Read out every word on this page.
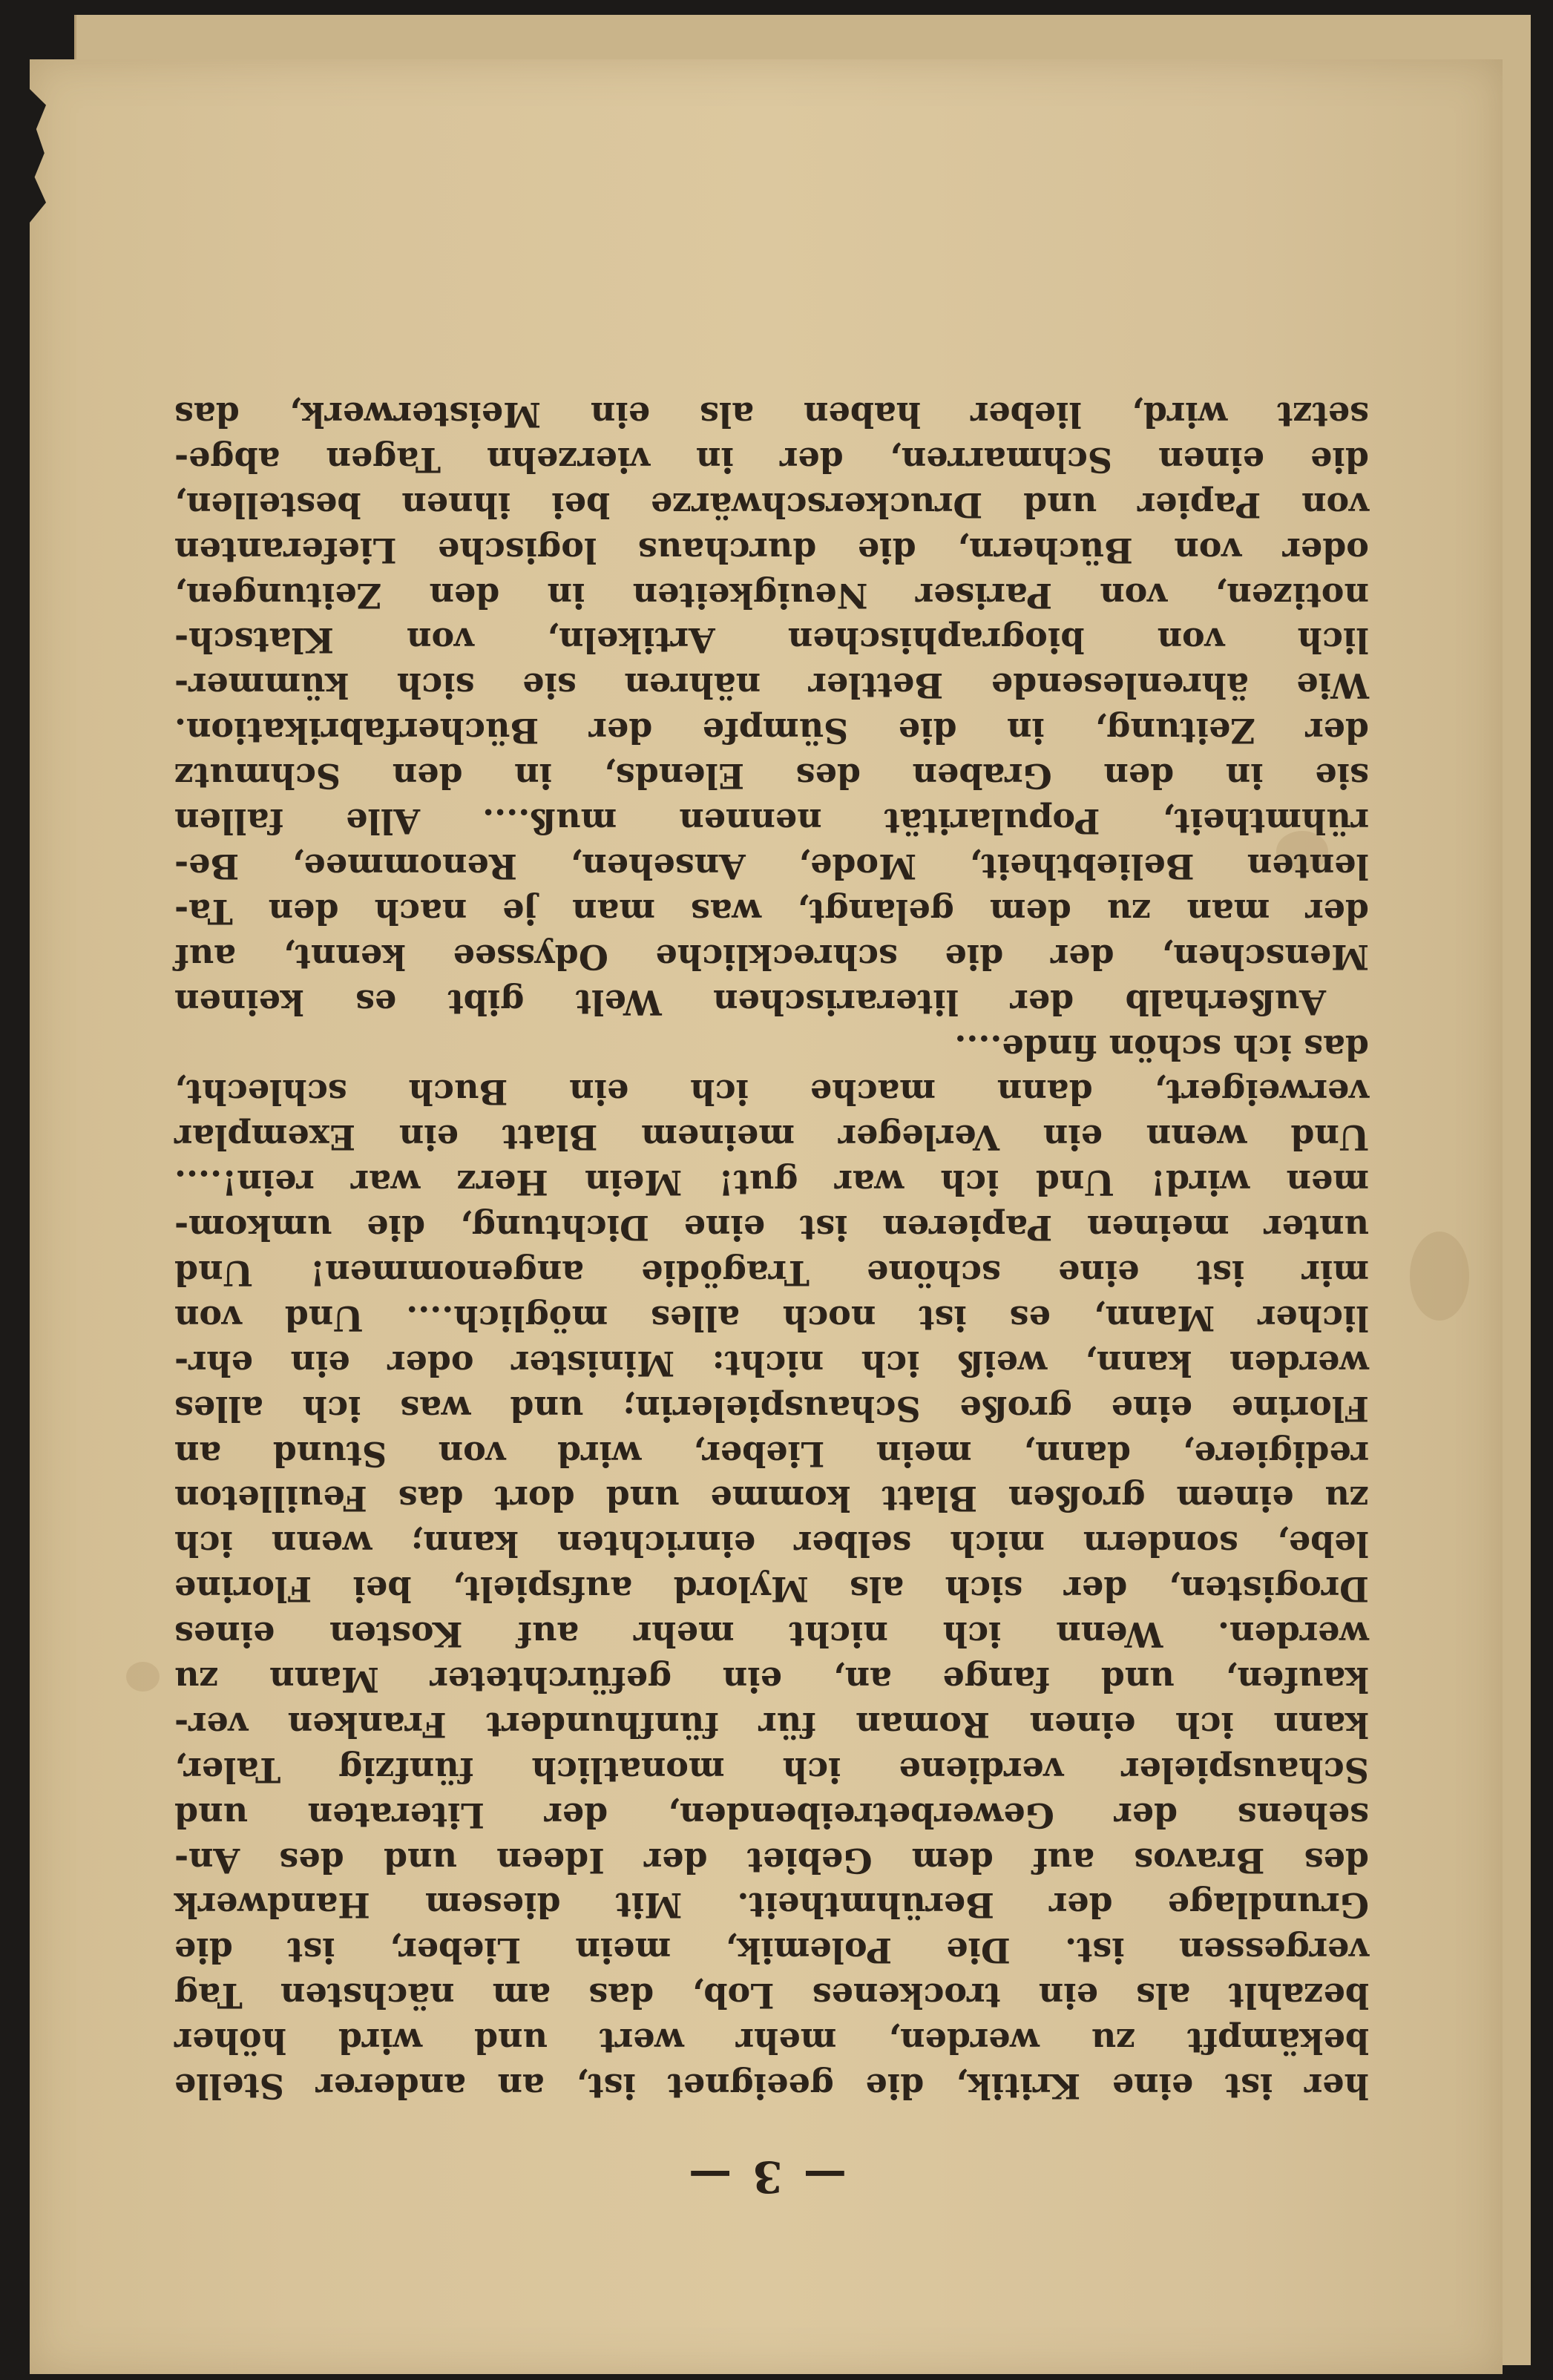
— 3 —
her ist eine Kritik, die geeignet ist, an anderer Stelle
bekämpft zu werden, mehr wert und wird höher
bezahlt als ein trockenes Lob, das am nächsten Tag
vergessen ist. Die Polemik, mein Lieber, ist die
Grundlage der Berühmtheit. Mit diesem Handwerk
des Bravos auf dem Gebiet der Ideen und des An-
sehens der Gewerbetreibenden, der Literaten und
Schauspieler verdiene ich monatlich fünfzig Taler,
kann ich einen Roman für fünfhundert Franken ver-
kaufen, und fange an, ein gefürchteter Mann zu
werden. Wenn ich nicht mehr auf Kosten eines
Drogisten, der sich als Mylord aufspielt, bei Florine
lebe, sondern mich selber einrichten kann; wenn ich
zu einem großen Blatt komme und dort das Feuilleton
redigiere, dann, mein Lieber, wird von Stund an
Florine eine große Schauspielerin; und was ich alles
werden kann, weiß ich nicht: Minister oder ein ehr-
licher Mann, es ist noch alles möglich.... Und von
mir ist eine schöne Tragödie angenommen! Und
unter meinen Papieren ist eine Dichtung, die umkom-
men wird! Und ich war gut! Mein Herz war rein!....
Und wenn ein Verleger meinem Blatt ein Exemplar
verweigert, dann mache ich ein Buch schlecht,
das ich schön finde....
Außerhalb der literarischen Welt gibt es keinen
Menschen, der die schreckliche Odyssee kennt, auf
der man zu dem gelangt, was man je nach den Ta-
lenten Beliebtheit, Mode, Ansehen, Renommee, Be-
rühmtheit, Popularität nennen muß.... Alle fallen
sie in den Graben des Elends, in den Schmutz
der Zeitung, in die Sümpfe der Bücherfabrikation.
Wie ährenlesende Bettler nähren sie sich kümmer-
lich von biographischen Artikeln, von Klatsch-
notizen, von Pariser Neuigkeiten in den Zeitungen,
oder von Büchern, die durchaus logische Lieferanten
von Papier und Druckerschwärze bei ihnen bestellen,
die einen Schmarren, der in vierzehn Tagen abge-
setzt wird, lieber haben als ein Meisterwerk, das
